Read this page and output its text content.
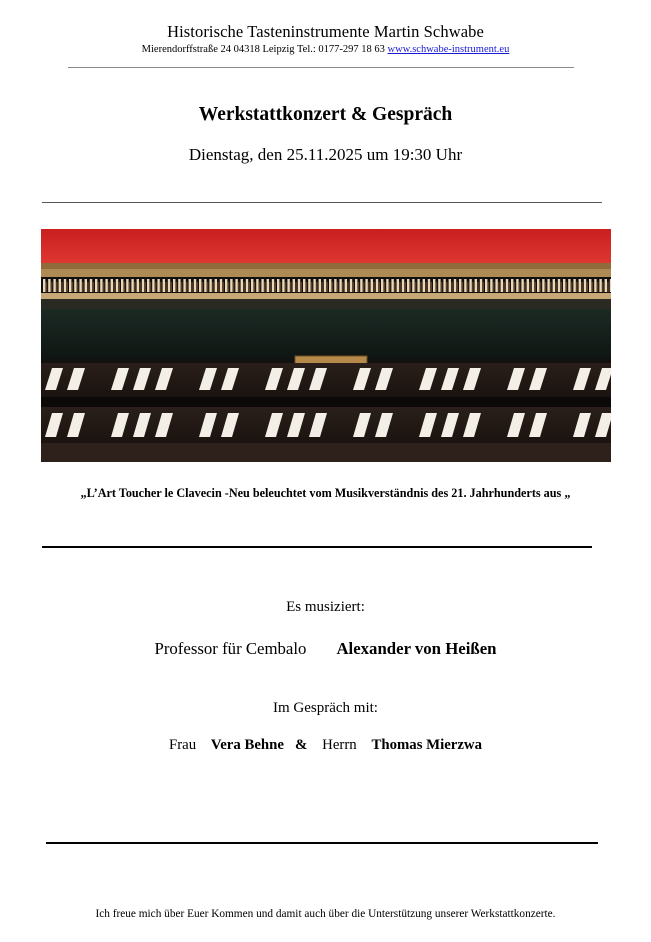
Historische Tasteninstrumente Martin Schwabe
Mierendorffstraße 24 04318 Leipzig Tel.: 0177-297 18 63 www.schwabe-instrument.eu
Werkstattkonzert & Gespräch
Dienstag, den 25.11.2025 um 19:30 Uhr
„L’Art Toucher le Clavecin -Neu beleuchtet vom Musikverständnis des 21. Jahrhunderts aus „
Es musiziert:
Professor für Cembalo Alexander von Heißen
Im Gespräch mit:
Frau Vera Behne & Herrn Thomas Mierzwa
Ich freue mich über Euer Kommen und damit auch über die Unterstützung unserer Werkstattkonzerte.
